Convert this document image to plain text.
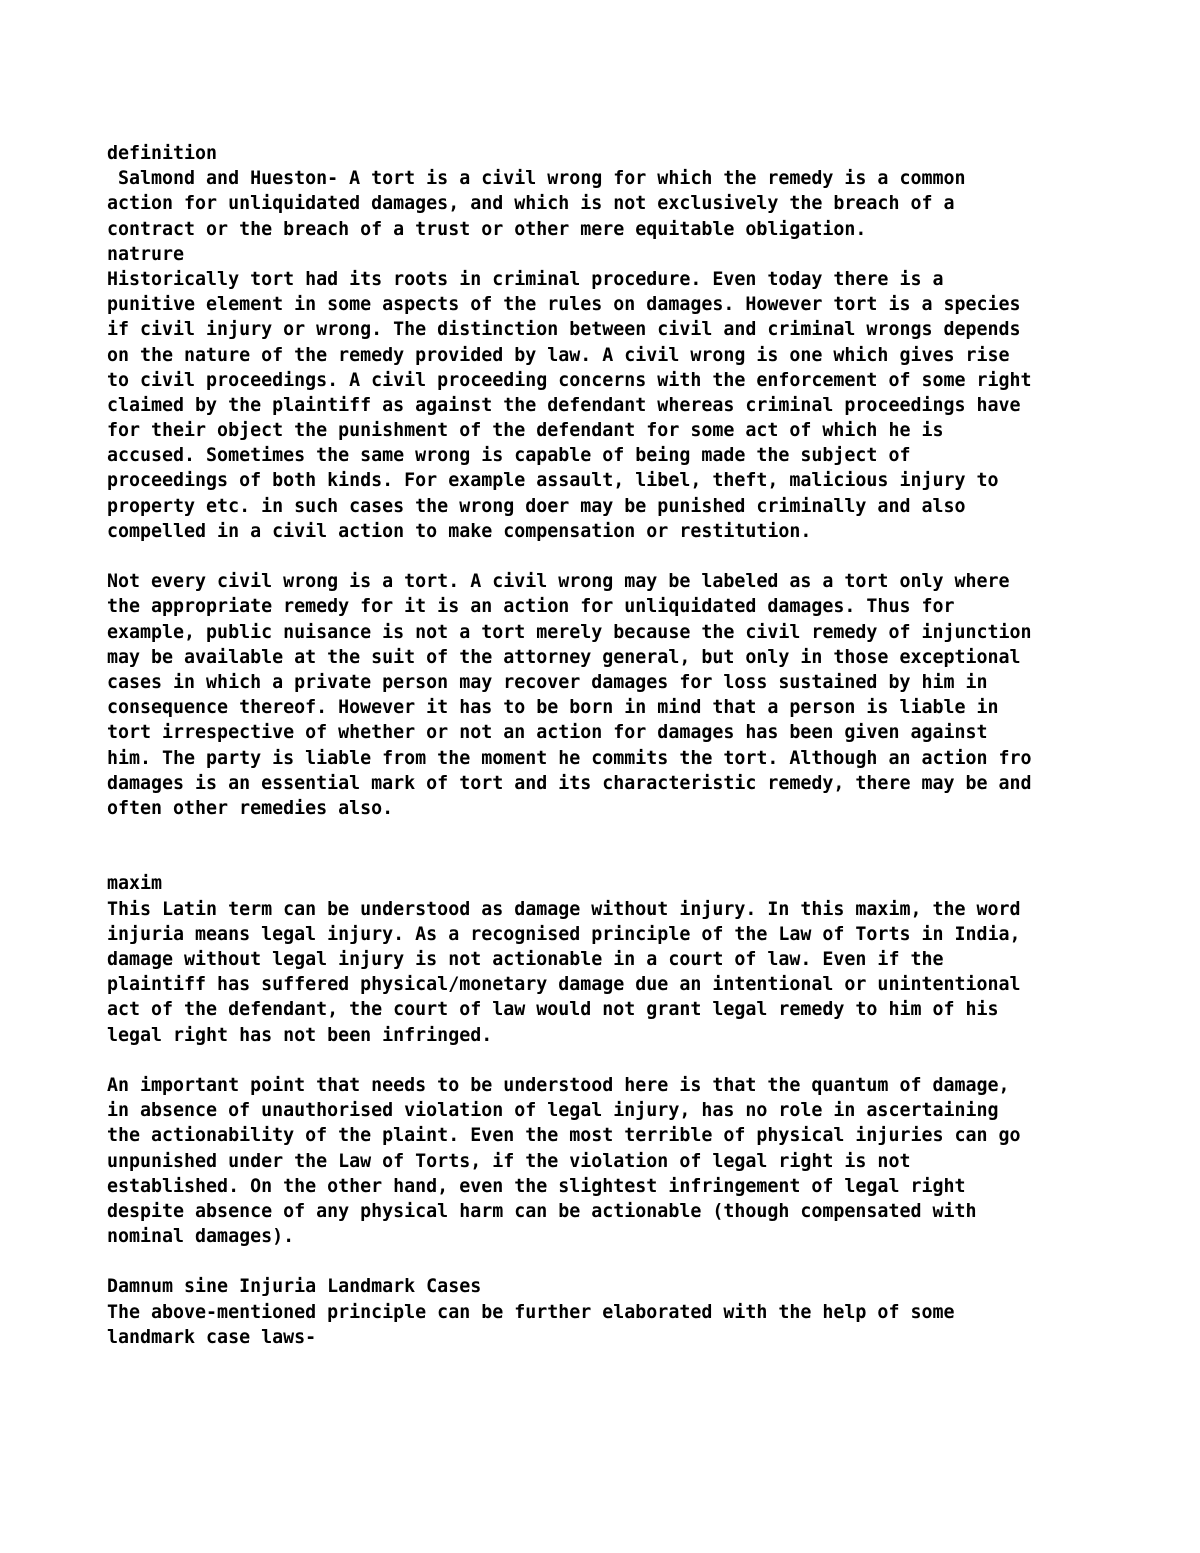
definition
Salmond and Hueston- A tort is a civil wrong for which the remedy is a common
action for unliquidated damages, and which is not exclusively the breach of a
contract or the breach of a trust or other mere equitable obligation.
natrure
Historically tort had its roots in criminal procedure. Even today there is a
punitive element in some aspects of the rules on damages. However tort is a species
if civil injury or wrong. The distinction between civil and criminal wrongs depends
on the nature of the remedy provided by law. A civil wrong is one which gives rise
to civil proceedings. A civil proceeding concerns with the enforcement of some right
claimed by the plaintiff as against the defendant whereas criminal proceedings have
for their object the punishment of the defendant for some act of which he is
accused. Sometimes the same wrong is capable of being made the subject of
proceedings of both kinds. For example assault, libel, theft, malicious injury to
property etc. in such cases the wrong doer may be punished criminally and also
compelled in a civil action to make compensation or restitution.
Not every civil wrong is a tort. A civil wrong may be labeled as a tort only where
the appropriate remedy for it is an action for unliquidated damages. Thus for
example, public nuisance is not a tort merely because the civil remedy of injunction
may be available at the suit of the attorney general, but only in those exceptional
cases in which a private person may recover damages for loss sustained by him in
consequence thereof. However it has to be born in mind that a person is liable in
tort irrespective of whether or not an action for damages has been given against
him. The party is liable from the moment he commits the tort. Although an action fro
damages is an essential mark of tort and its characteristic remedy, there may be and
often other remedies also.
maxim
This Latin term can be understood as damage without injury. In this maxim, the word
injuria means legal injury. As a recognised principle of the Law of Torts in India,
damage without legal injury is not actionable in a court of law. Even if the
plaintiff has suffered physical/monetary damage due an intentional or unintentional
act of the defendant, the court of law would not grant legal remedy to him of his
legal right has not been infringed.
An important point that needs to be understood here is that the quantum of damage,
in absence of unauthorised violation of legal injury, has no role in ascertaining
the actionability of the plaint. Even the most terrible of physical injuries can go
unpunished under the Law of Torts, if the violation of legal right is not
established. On the other hand, even the slightest infringement of legal right
despite absence of any physical harm can be actionable (though compensated with
nominal damages).
Damnum sine Injuria Landmark Cases
The above-mentioned principle can be further elaborated with the help of some
landmark case laws-
